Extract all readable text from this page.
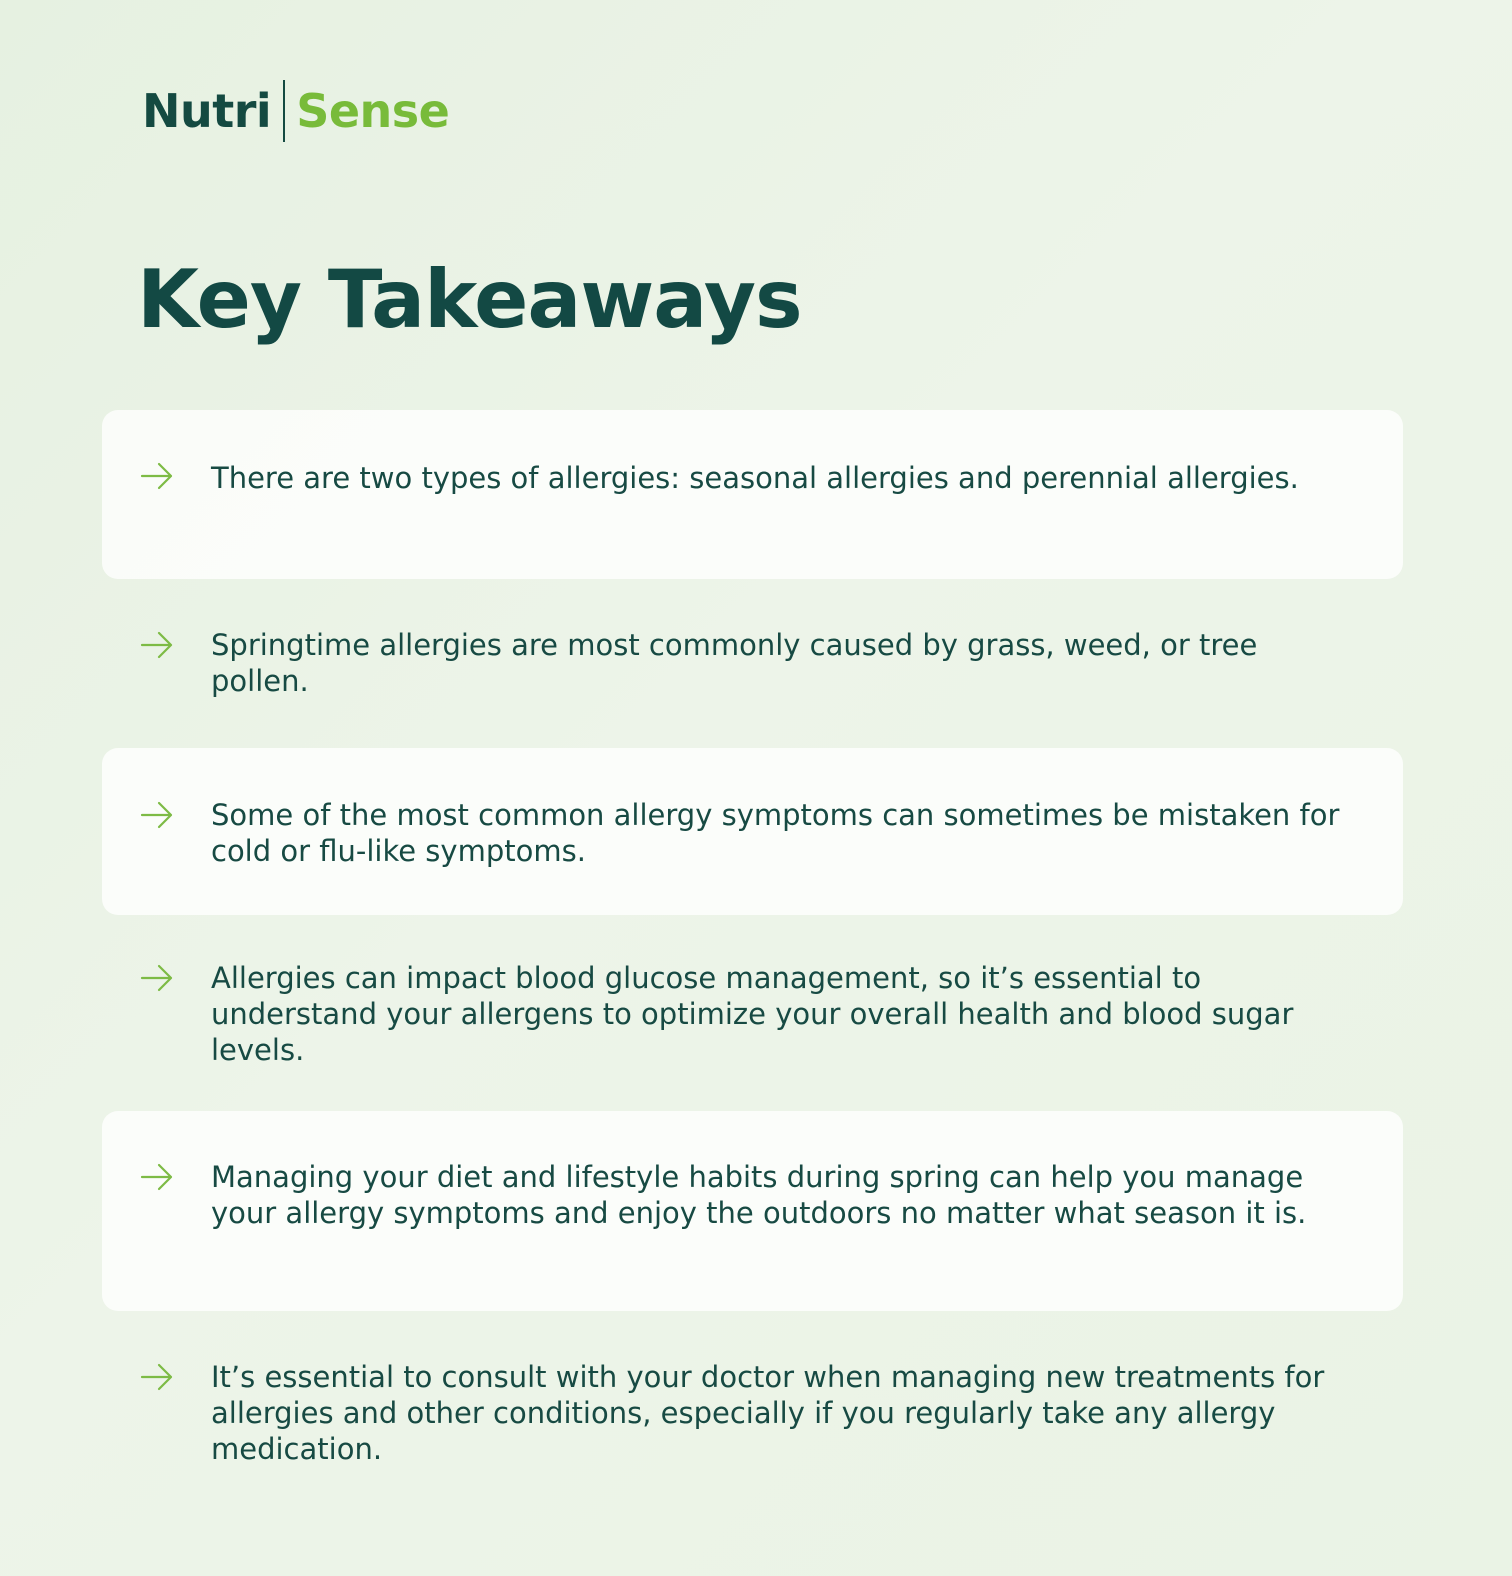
Nutri Sense
Key Takeaways

There are two types of allergies: seasonal allergies and perennial allergies.

Springtime allergies are most commonly caused by grass, weed, or tree pollen.

Some of the most common allergy symptoms can sometimes be mistaken for cold or flu-like symptoms.

Allergies can impact blood glucose management, so it’s essential to understand your allergens to optimize your overall health and blood sugar levels.

Managing your diet and lifestyle habits during spring can help you manage your allergy symptoms and enjoy the outdoors no matter what season it is.

It’s essential to consult with your doctor when managing new treatments for allergies and other conditions, especially if you regularly take any allergy medication.
